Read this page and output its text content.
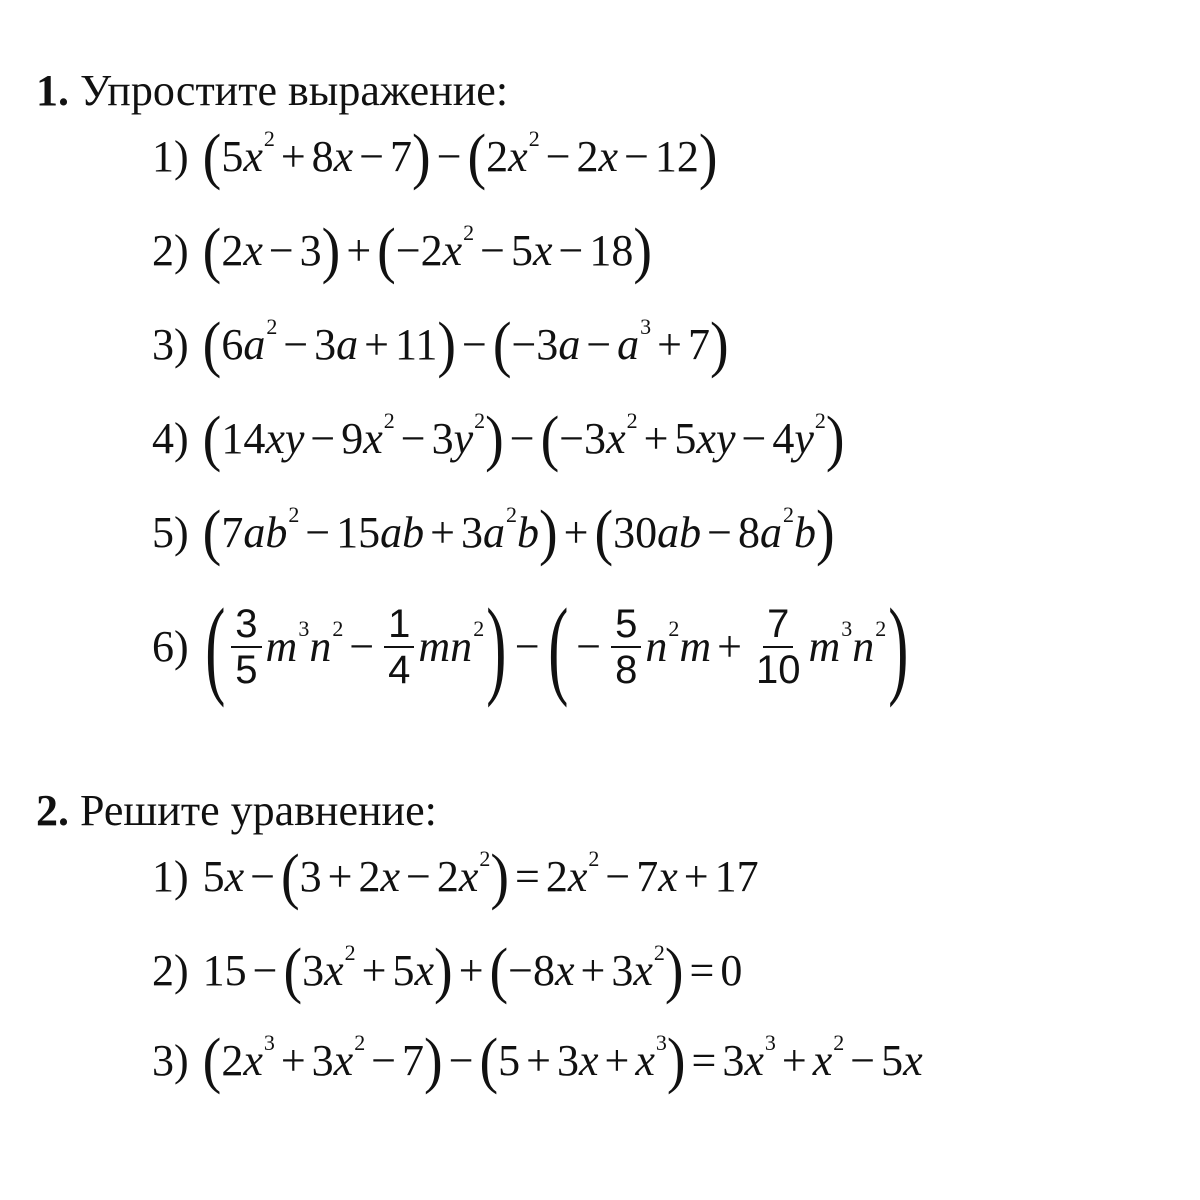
1. Упростите выражение:
1) ( 5 $x^2 + 8$ x − 7 ) − ( 2 $x^2 - 2$ x − 12 )
2) ( 2 x − 3 ) + ( −2 $x^2 - 5$ x − 18 )
3) ( 6 $a^2 - 3$ a + 11 ) − ( −3 $a - a^3 + 7$ )
4) ( 14 xy − 9 $x^2 - 3$ $y^2$ ) − ( −3 $x^2 + 5$ xy − 4 $y^2$ )
5) ( 7 $ab^2 - 15$ ab + 3 $a^2$ b ) + ( 30 ab − 8 $a^2$ b )
6) ( $\frac{3}{5} m^3$ $n^2 - \frac{1}{4} mn^2$ ) − ( − $\frac{5}{8} n^2$ $m + \frac{7}{10} m^3$ $n^2$ )
2. Решите уравнение:
1) 5 x − ( 3 + 2 x − 2 $x^2$ ) = 2 $x^2 - 7$ x + 17
2) 15 − ( 3 $x^2 + 5$ x ) + ( −8 x + 3 $x^2$ ) = 0
3) ( 2 $x^3 + 3$ $x^2 - 7$ ) − ( 5 + 3 $x + x^3$ ) = 3 $x^3 + x^2 - 5$ x
